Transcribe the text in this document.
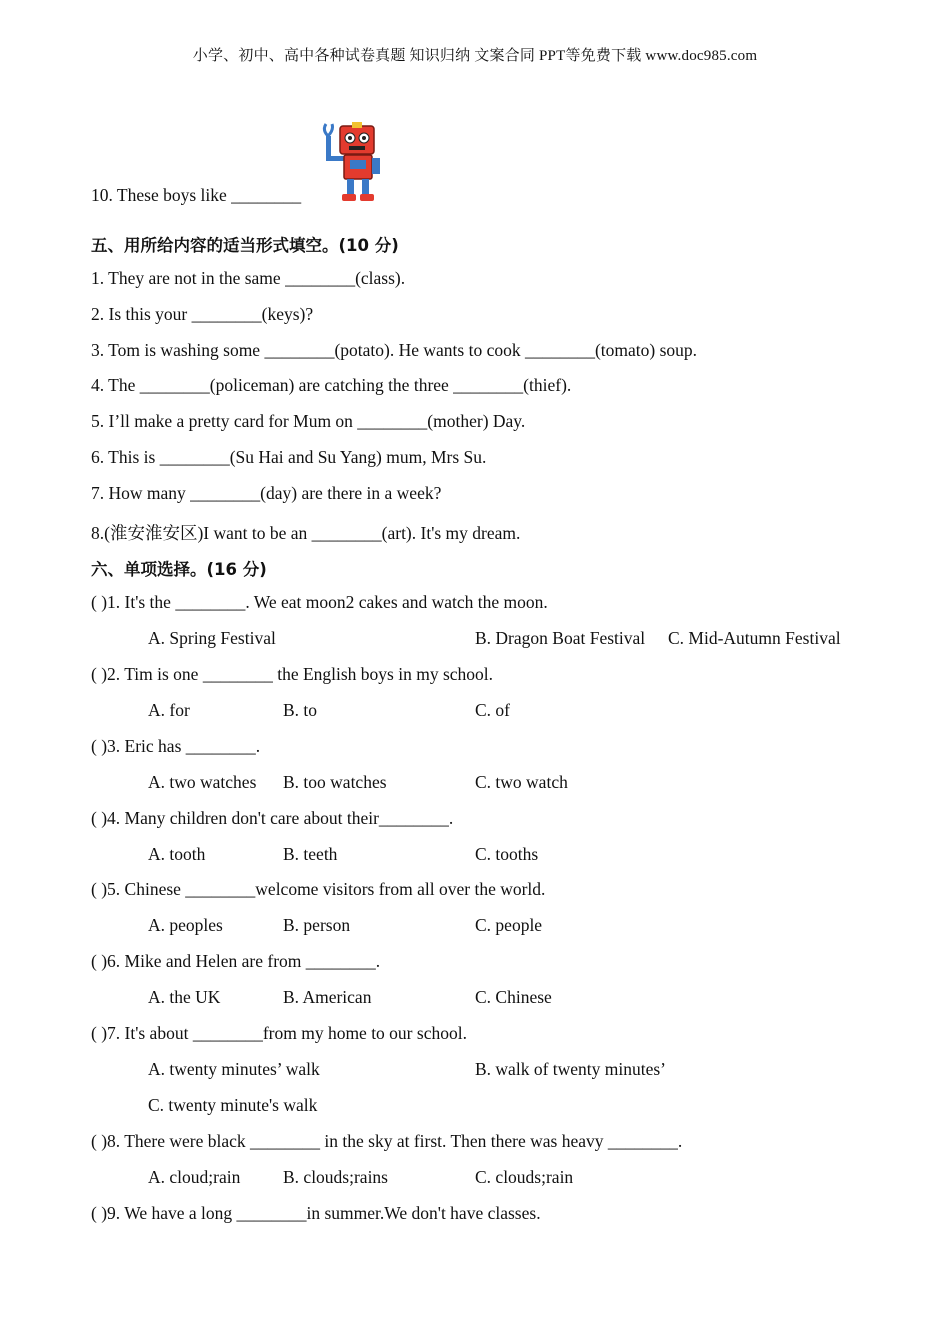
小学、初中、高中各种试卷真题 知识归纳 文案合同 PPT等免费下载 www.doc985.com
10. These boys like ________
五、用所给内容的适当形式填空。(10 分)
1. They are not in the same ________(class).
2. Is this your ________(keys)?
3. Tom is washing some ________(potato). He wants to cook ________(tomato) soup.
4. The ________(policeman) are catching the three ________(thief).
5. I’ll make a pretty card for Mum on ________(mother) Day.
6. This is ________(Su Hai and Su Yang) mum, Mrs Su.
7. How many ________(day) are there in a week?
8.(淮安淮安区)I want to be an ________(art). It's my dream.
六、单项选择。(16 分)
( )1. It's the ________. We eat moon2 cakes and watch the moon.
A. Spring Festival	B. Dragon Boat Festival C. Mid-Autumn Festival
( )2. Tim is one ________ the English boys in my school.
A. for	B. to	C. of
( )3. Eric has ________.
A. two watches B. too watches	C. two watch
( )4. Many children don't care about their________.
A. tooth	B. teeth	C. tooths
( )5. Chinese ________welcome visitors from all over the world.
A. peoples	B. person	C. people
( )6. Mike and Helen are from ________.
A. the UK	B. American	C. Chinese
( )7. It's about ________from my home to our school.
A. twenty minutes’ walk	B. walk of twenty minutes’
C. twenty minute's walk
( )8. There were black ________ in the sky at first. Then there was heavy ________.
A. cloud;rain B. clouds;rains	C. clouds;rain
( )9. We have a long ________in summer.We don't have classes.
